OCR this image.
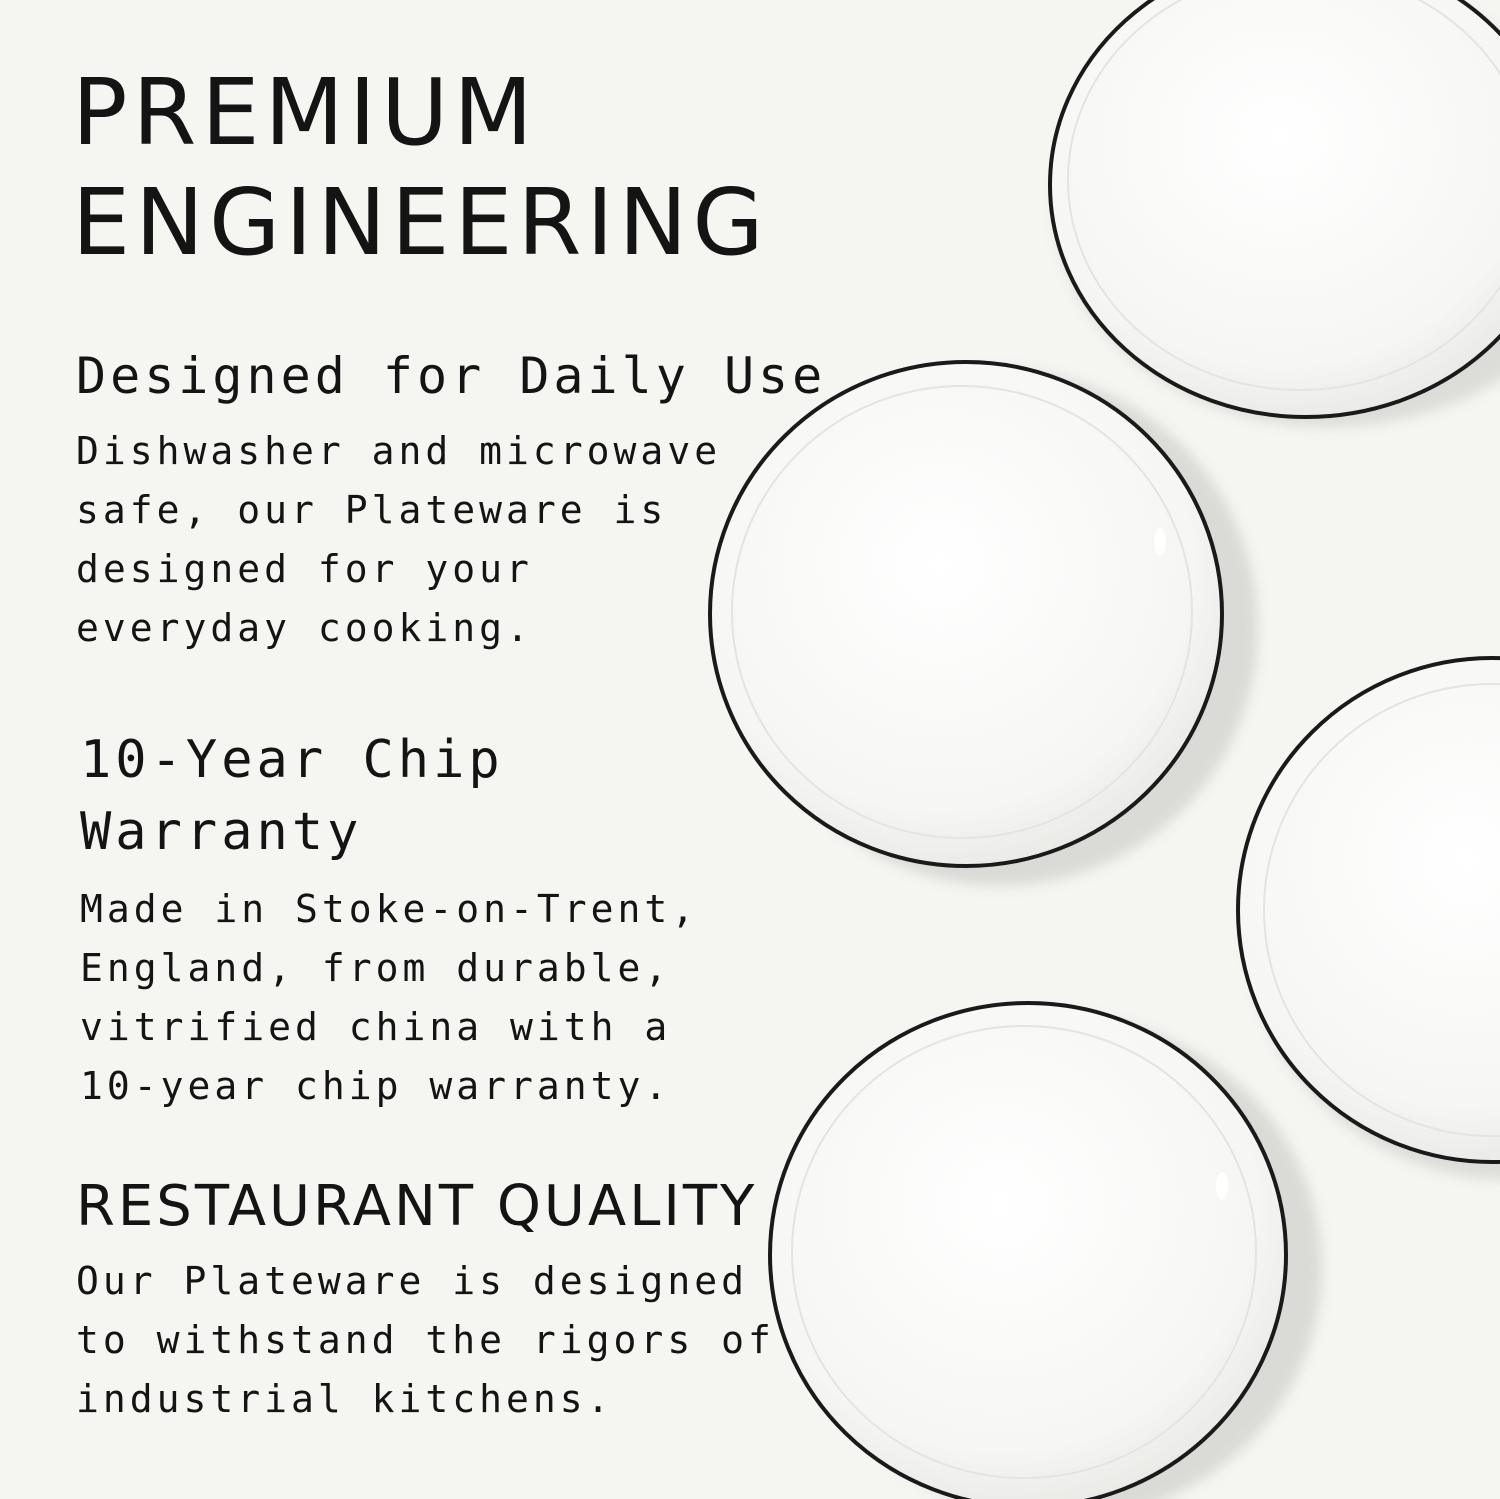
PREMIUM
ENGINEERING
Designed for Daily Use

Dishwasher and microwave
safe, our Plateware is
designed for your
everyday cooking.

10-Year Chip
Warranty

Made in Stoke-on-Trent,
England, from durable,
vitrified china with a
10-year chip warranty.

RESTAURANT QUALITY

Our Plateware is designed
to withstand the rigors of
industrial kitchens.
